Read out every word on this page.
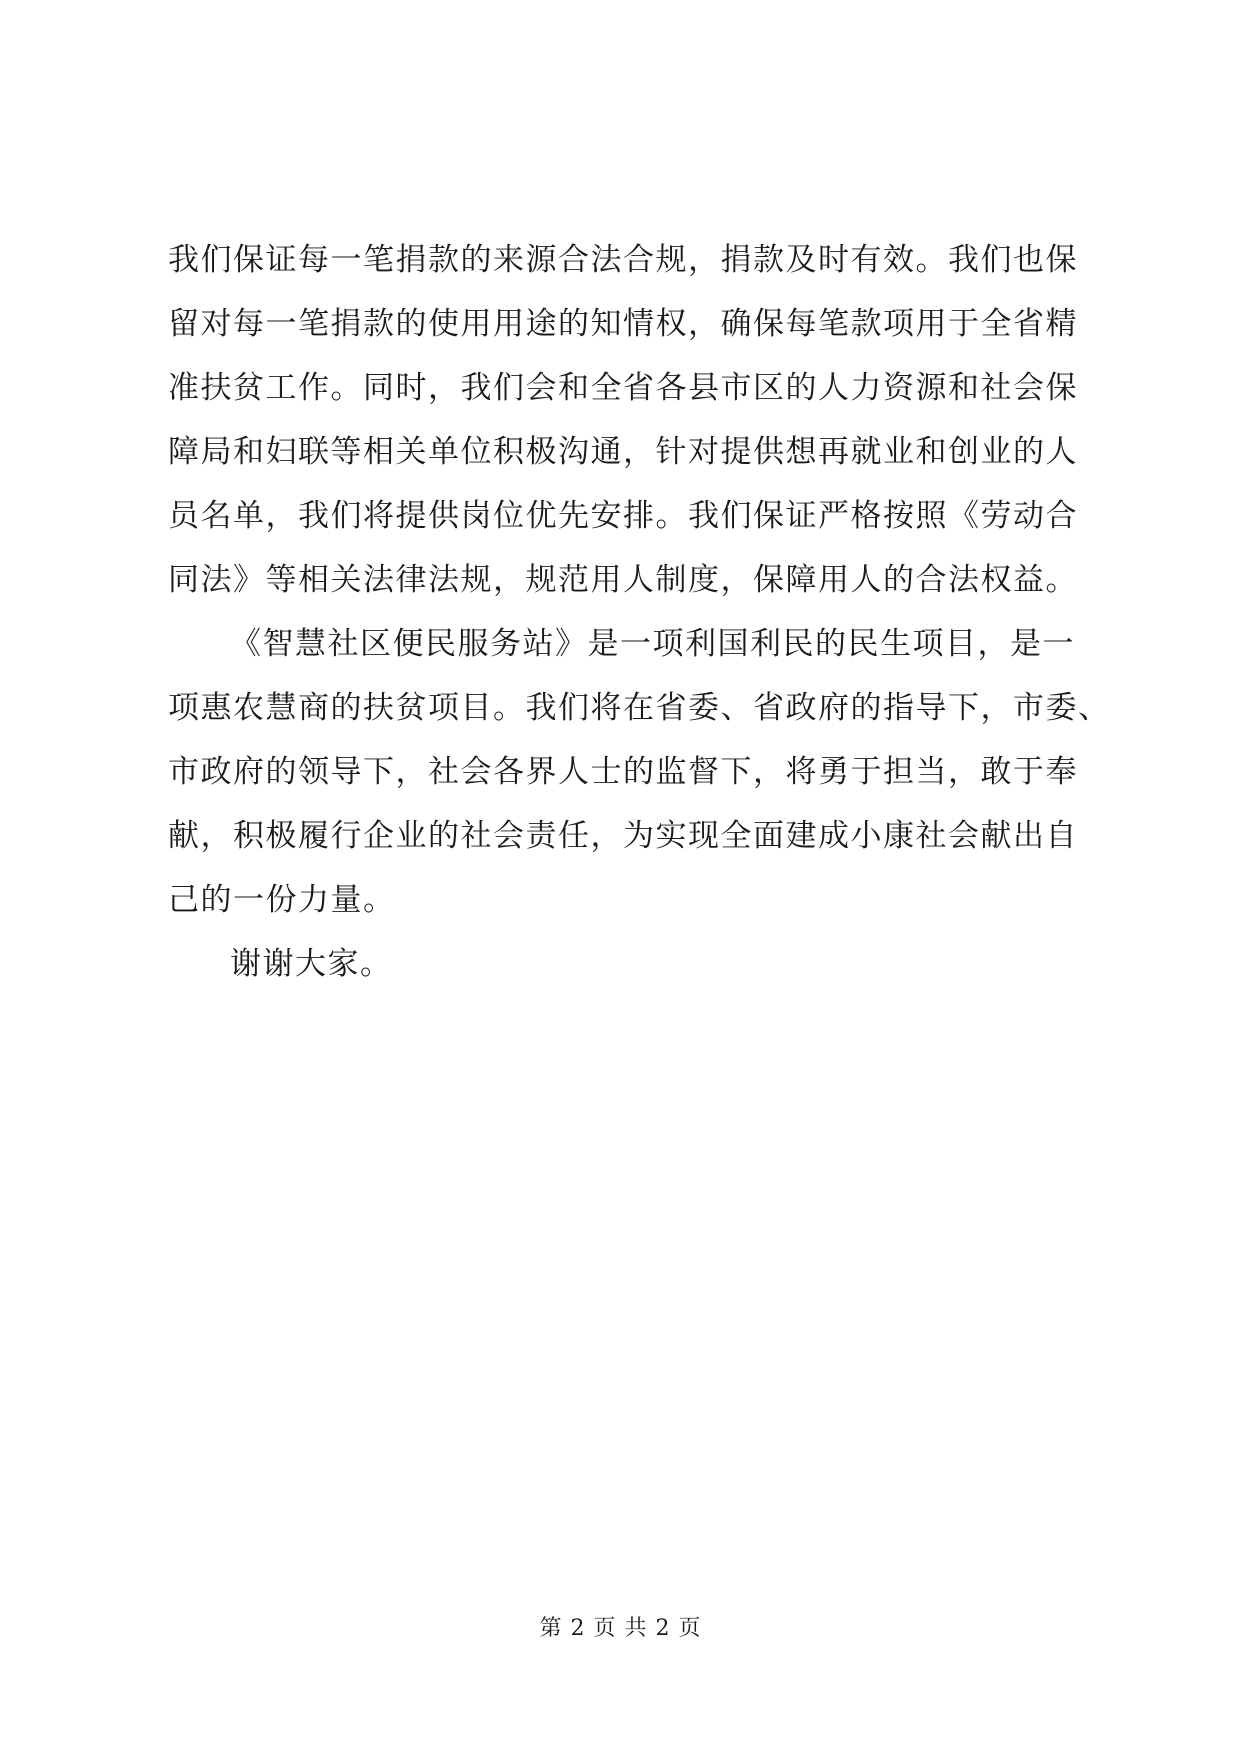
我们保证每一笔捐款的来源合法合规，捐款及时有效。我们也保
留对每一笔捐款的使用用途的知情权，确保每笔款项用于全省精
准扶贫工作。同时，我们会和全省各县市区的人力资源和社会保
障局和妇联等相关单位积极沟通，针对提供想再就业和创业的人
员名单，我们将提供岗位优先安排。我们保证严格按照《劳动合
同法》等相关法律法规，规范用人制度，保障用人的合法权益。
《智慧社区便民服务站》是一项利国利民的民生项目，是一
项惠农慧商的扶贫项目。我们将在省委、省政府的指导下，市委、
市政府的领导下，社会各界人士的监督下，将勇于担当，敢于奉
献，积极履行企业的社会责任，为实现全面建成小康社会献出自
己的一份力量。
谢谢大家。
第 2 页 共 2 页
